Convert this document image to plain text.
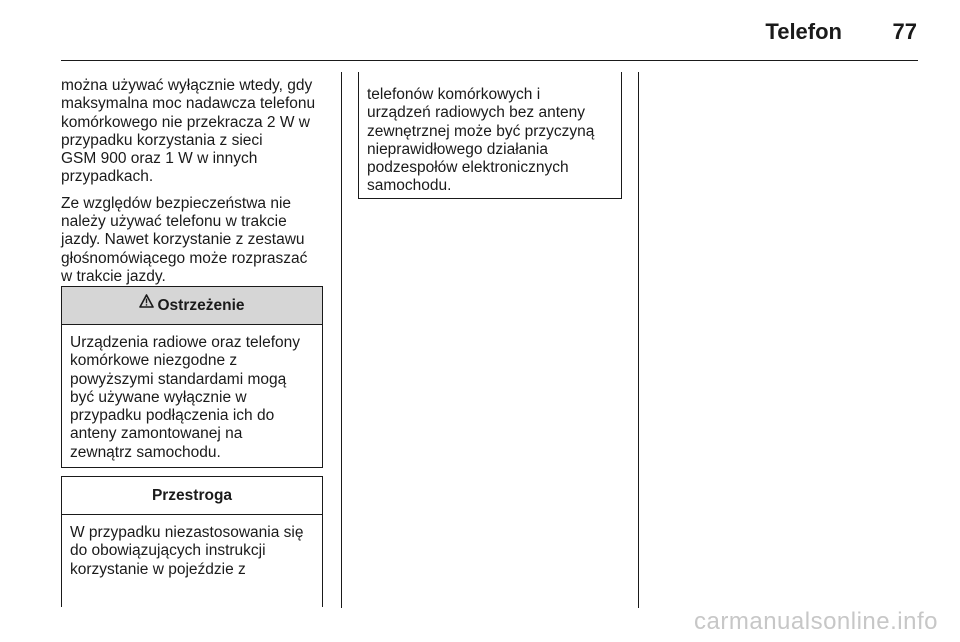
Telefon 77

można używać wyłącznie wtedy, gdy
maksymalna moc nadawcza telefonu
komórkowego nie przekracza 2 W w
przypadku korzystania z sieci
GSM 900 oraz 1 W w innych
przypadkach.

Ze względów bezpieczeństwa nie
należy używać telefonu w trakcie
jazdy. Nawet korzystanie z zestawu
głośnomówiącego może rozpraszać
w trakcie jazdy.

Ostrzeżenie
Urządzenia radiowe oraz telefony
komórkowe niezgodne z
powyższymi standardami mogą
być używane wyłącznie w
przypadku podłączenia ich do
anteny zamontowanej na
zewnątrz samochodu.
Przestroga
W przypadku niezastosowania się
do obowiązujących instrukcji
korzystanie w pojeździe z
telefonów komórkowych i
urządzeń radiowych bez anteny
zewnętrznej może być przyczyną
nieprawidłowego działania
podzespołów elektronicznych
samochodu.
carmanualsonline.info
